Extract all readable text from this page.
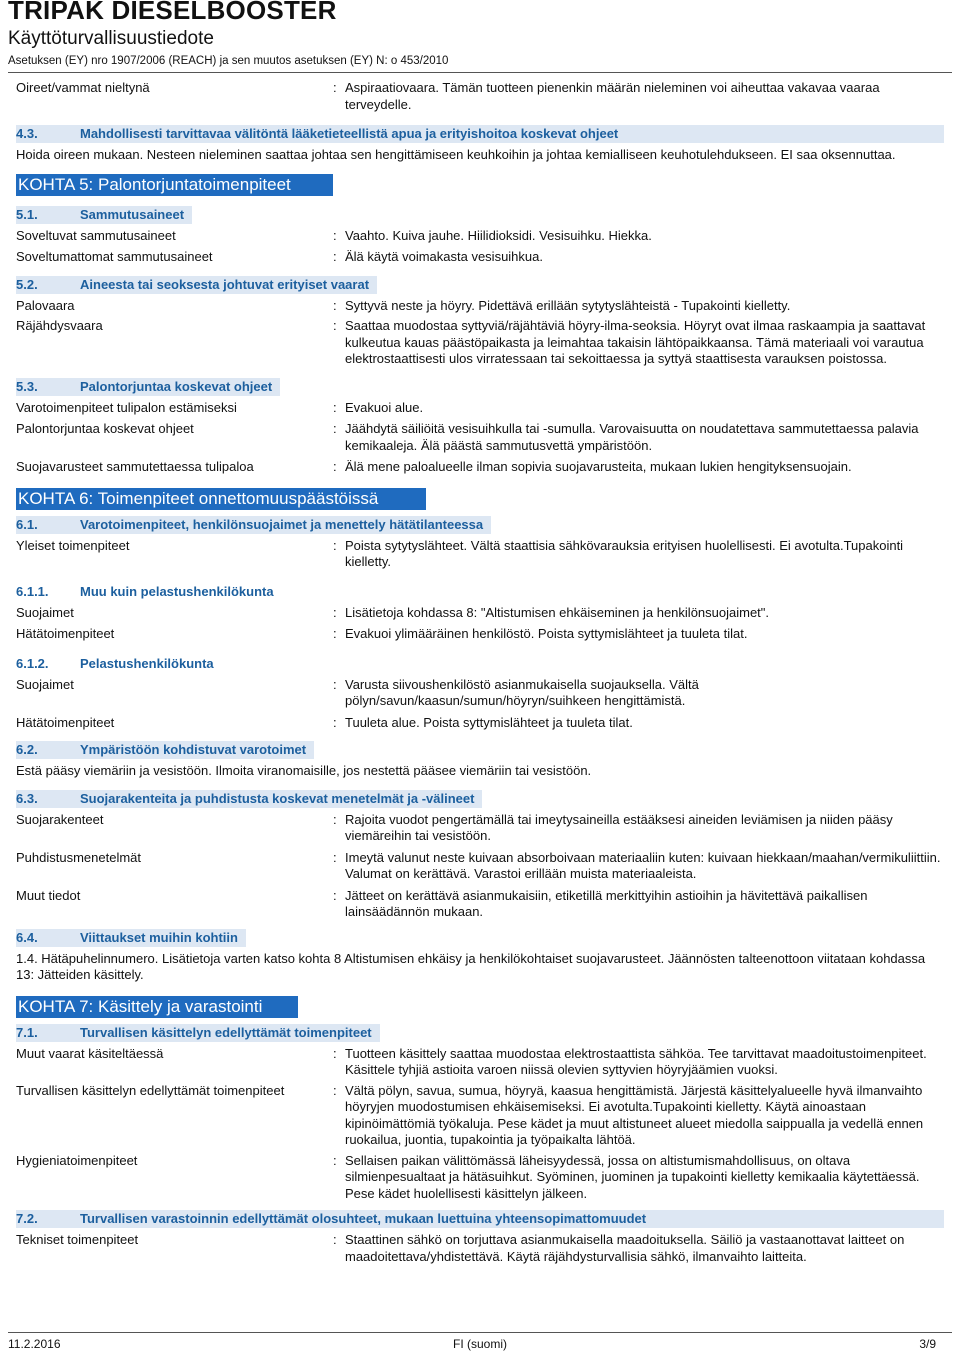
TRIPAK DIESELBOOSTER
Käyttöturvallisuustiedote
Asetuksen (EY) nro 1907/2006 (REACH) ja sen muutos asetuksen (EY) N: o 453/2010
Oireet/vammat nieltynä	: Aspiraatiovaara. Tämän tuotteen pienenkin määrän nieleminen voi aiheuttaa vakavaa vaaraa terveydelle.
4.3.	Mahdollisesti tarvittavaa välitöntä lääketieteellistä apua ja erityishoitoa koskevat ohjeet
Hoida oireen mukaan. Nesteen nieleminen saattaa johtaa sen hengittämiseen keuhkoihin ja johtaa kemialliseen keuhotulehdukseen. EI saa oksennuttaa.
KOHTA 5: Palontorjuntatoimenpiteet
5.1.	Sammutusaineet
Soveltuvat sammutusaineet	: Vaahto. Kuiva jauhe. Hiilidioksidi. Vesisuihku. Hiekka.
Soveltumattomat sammutusaineet	: Älä käytä voimakasta vesisuihkua.
5.2.	Aineesta tai seoksesta johtuvat erityiset vaarat
Palovaara	: Syttyvä neste ja höyry. Pidettävä erillään sytytyslähteistä - Tupakointi kielletty.
Räjähdysvaara	: Saattaa muodostaa syttyviä/räjähtäviä höyry-ilma-seoksia. Höyryt ovat ilmaa raskaampia ja saattavat kulkeutua kauas päästöpaikasta ja leimahtaa takaisin lähtöpaikkaansa. Tämä materiaali voi varautua elektrostaattisesti ulos virratessaan tai sekoittaessa ja syttyä staattisesta varauksen poistossa.
5.3.	Palontorjuntaa koskevat ohjeet
Varotoimenpiteet tulipalon estämiseksi	: Evakuoi alue.
Palontorjuntaa koskevat ohjeet	: Jäähdytä säiliöitä vesisuihkulla tai -sumulla. Varovaisuutta on noudatettava sammutettaessa palavia kemikaaleja. Älä päästä sammutusvettä ympäristöön.
Suojavarusteet sammutettaessa tulipaloa	: Älä mene paloalueelle ilman sopivia suojavarusteita, mukaan lukien hengityksensuojain.
KOHTA 6: Toimenpiteet onnettomuuspäästöissä
6.1.	Varotoimenpiteet, henkilönsuojaimet ja menettely hätätilanteessa
Yleiset toimenpiteet	: Poista sytytyslähteet. Vältä staattisia sähkövarauksia erityisen huolellisesti. Ei avotulta.Tupakointi kielletty.
6.1.1.	Muu kuin pelastushenkilökunta
Suojaimet	: Lisätietoja kohdassa 8: "Altistumisen ehkäiseminen ja henkilönsuojaimet".
Hätätoimenpiteet	: Evakuoi ylimääräinen henkilöstö. Poista syttymislähteet ja tuuleta tilat.
6.1.2.	Pelastushenkilökunta
Suojaimet	: Varusta siivoushenkilöstö asianmukaisella suojauksella. Vältä pölyn/savun/kaasun/sumun/höyryn/suihkeen hengittämistä.
Hätätoimenpiteet	: Tuuleta alue. Poista syttymislähteet ja tuuleta tilat.
6.2.	Ympäristöön kohdistuvat varotoimet
Estä pääsy viemäriin ja vesistöön. Ilmoita viranomaisille, jos nestettä pääsee viemäriin tai vesistöön.
6.3.	Suojarakenteita ja puhdistusta koskevat menetelmät ja -välineet
Suojarakenteet	: Rajoita vuodot pengertämällä tai imeytysaineilla estääksesi aineiden leviämisen ja niiden pääsy viemäreihin tai vesistöön.
Puhdistusmenetelmät	: Imeytä valunut neste kuivaan absorboivaan materiaaliin kuten: kuivaan hiekkaan/maahan/vermikuliittiin. Valumat on kerättävä. Varastoi erillään muista materiaaleista.
Muut tiedot	: Jätteet on kerättävä asianmukaisiin, etiketillä merkittyihin astioihin ja hävitettävä paikallisen lainsäädännön mukaan.
6.4.	Viittaukset muihin kohtiin
1.4. Hätäpuhelinnumero. Lisätietoja varten katso kohta 8 Altistumisen ehkäisy ja henkilökohtaiset suojavarusteet. Jäännösten talteenottoon viitataan kohdassa 13: Jätteiden käsittely.
KOHTA 7: Käsittely ja varastointi
7.1.	Turvallisen käsittelyn edellyttämät toimenpiteet
Muut vaarat käsiteltäessä	: Tuotteen käsittely saattaa muodostaa elektrostaattista sähköa. Tee tarvittavat maadoitustoimenpiteet. Käsittele tyhjiä astioita varoen niissä olevien syttyvien höyryjäämien vuoksi.
Turvallisen käsittelyn edellyttämät toimenpiteet	: Vältä pölyn, savua, sumua, höyryä, kaasua hengittämistä. Järjestä käsittelyalueelle hyvä ilmanvaihto höyryjen muodostumisen ehkäisemiseksi. Ei avotulta.Tupakointi kielletty. Käytä ainoastaan kipinöimättömiä työkaluja. Pese kädet ja muut altistuneet alueet miedolla saippualla ja vedellä ennen ruokailua, juontia, tupakointia ja työpaikalta lähtöä.
Hygieniatoimenpiteet	: Sellaisen paikan välittömässä läheisyydessä, jossa on altistumismahdollisuus, on oltava silmienpesualtaat ja hätäsuihkut. Syöminen, juominen ja tupakointi kielletty kemikaalia käytettäessä. Pese kädet huolellisesti käsittelyn jälkeen.
7.2.	Turvallisen varastoinnin edellyttämät olosuhteet, mukaan luettuina yhteensopimattomuudet
Tekniset toimenpiteet	: Staattinen sähkö on torjuttava asianmukaisella maadoituksella. Säiliö ja vastaanottavat laitteet on maadoitettava/yhdistettävä. Käytä räjähdysturvallisia sähkö, ilmanvaihto laitteita.
11.2.2016	FI (suomi)	3/9
